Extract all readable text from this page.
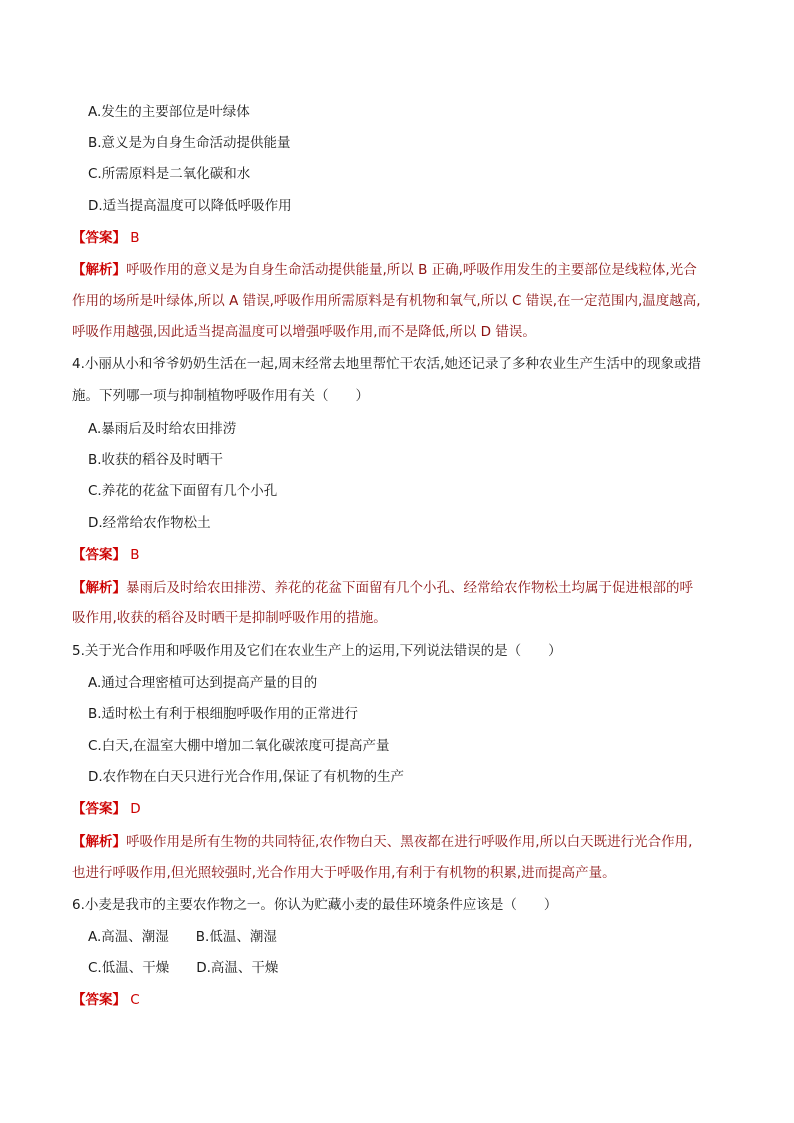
A.发生的主要部位是叶绿体
B.意义是为自身生命活动提供能量
C.所需原料是二氧化碳和水
D.适当提高温度可以降低呼吸作用
【答案】 B
【解析】呼吸作用的意义是为自身生命活动提供能量,所以 B 正确,呼吸作用发生的主要部位是线粒体,光合
作用的场所是叶绿体,所以 A 错误,呼吸作用所需原料是有机物和氧气,所以 C 错误,在一定范围内,温度越高,
呼吸作用越强,因此适当提高温度可以增强呼吸作用,而不是降低,所以 D 错误。
4.小丽从小和爷爷奶奶生活在一起,周末经常去地里帮忙干农活,她还记录了多种农业生产生活中的现象或措
施。下列哪一项与抑制植物呼吸作用有关（　　）
A.暴雨后及时给农田排涝
B.收获的稻谷及时晒干
C.养花的花盆下面留有几个小孔
D.经常给农作物松土
【答案】 B
【解析】暴雨后及时给农田排涝、养花的花盆下面留有几个小孔、经常给农作物松土均属于促进根部的呼
吸作用,收获的稻谷及时晒干是抑制呼吸作用的措施。
5.关于光合作用和呼吸作用及它们在农业生产上的运用,下列说法错误的是（　　）
A.通过合理密植可达到提高产量的目的
B.适时松土有利于根细胞呼吸作用的正常进行
C.白天,在温室大棚中增加二氧化碳浓度可提高产量
D.农作物在白天只进行光合作用,保证了有机物的生产
【答案】 D
【解析】呼吸作用是所有生物的共同特征,农作物白天、黑夜都在进行呼吸作用,所以白天既进行光合作用,
也进行呼吸作用,但光照较强时,光合作用大于呼吸作用,有利于有机物的积累,进而提高产量。
6.小麦是我市的主要农作物之一。你认为贮藏小麦的最佳环境条件应该是（　　）
A.高温、潮湿　　B.低温、潮湿
C.低温、干燥　　D.高温、干燥
【答案】 C
